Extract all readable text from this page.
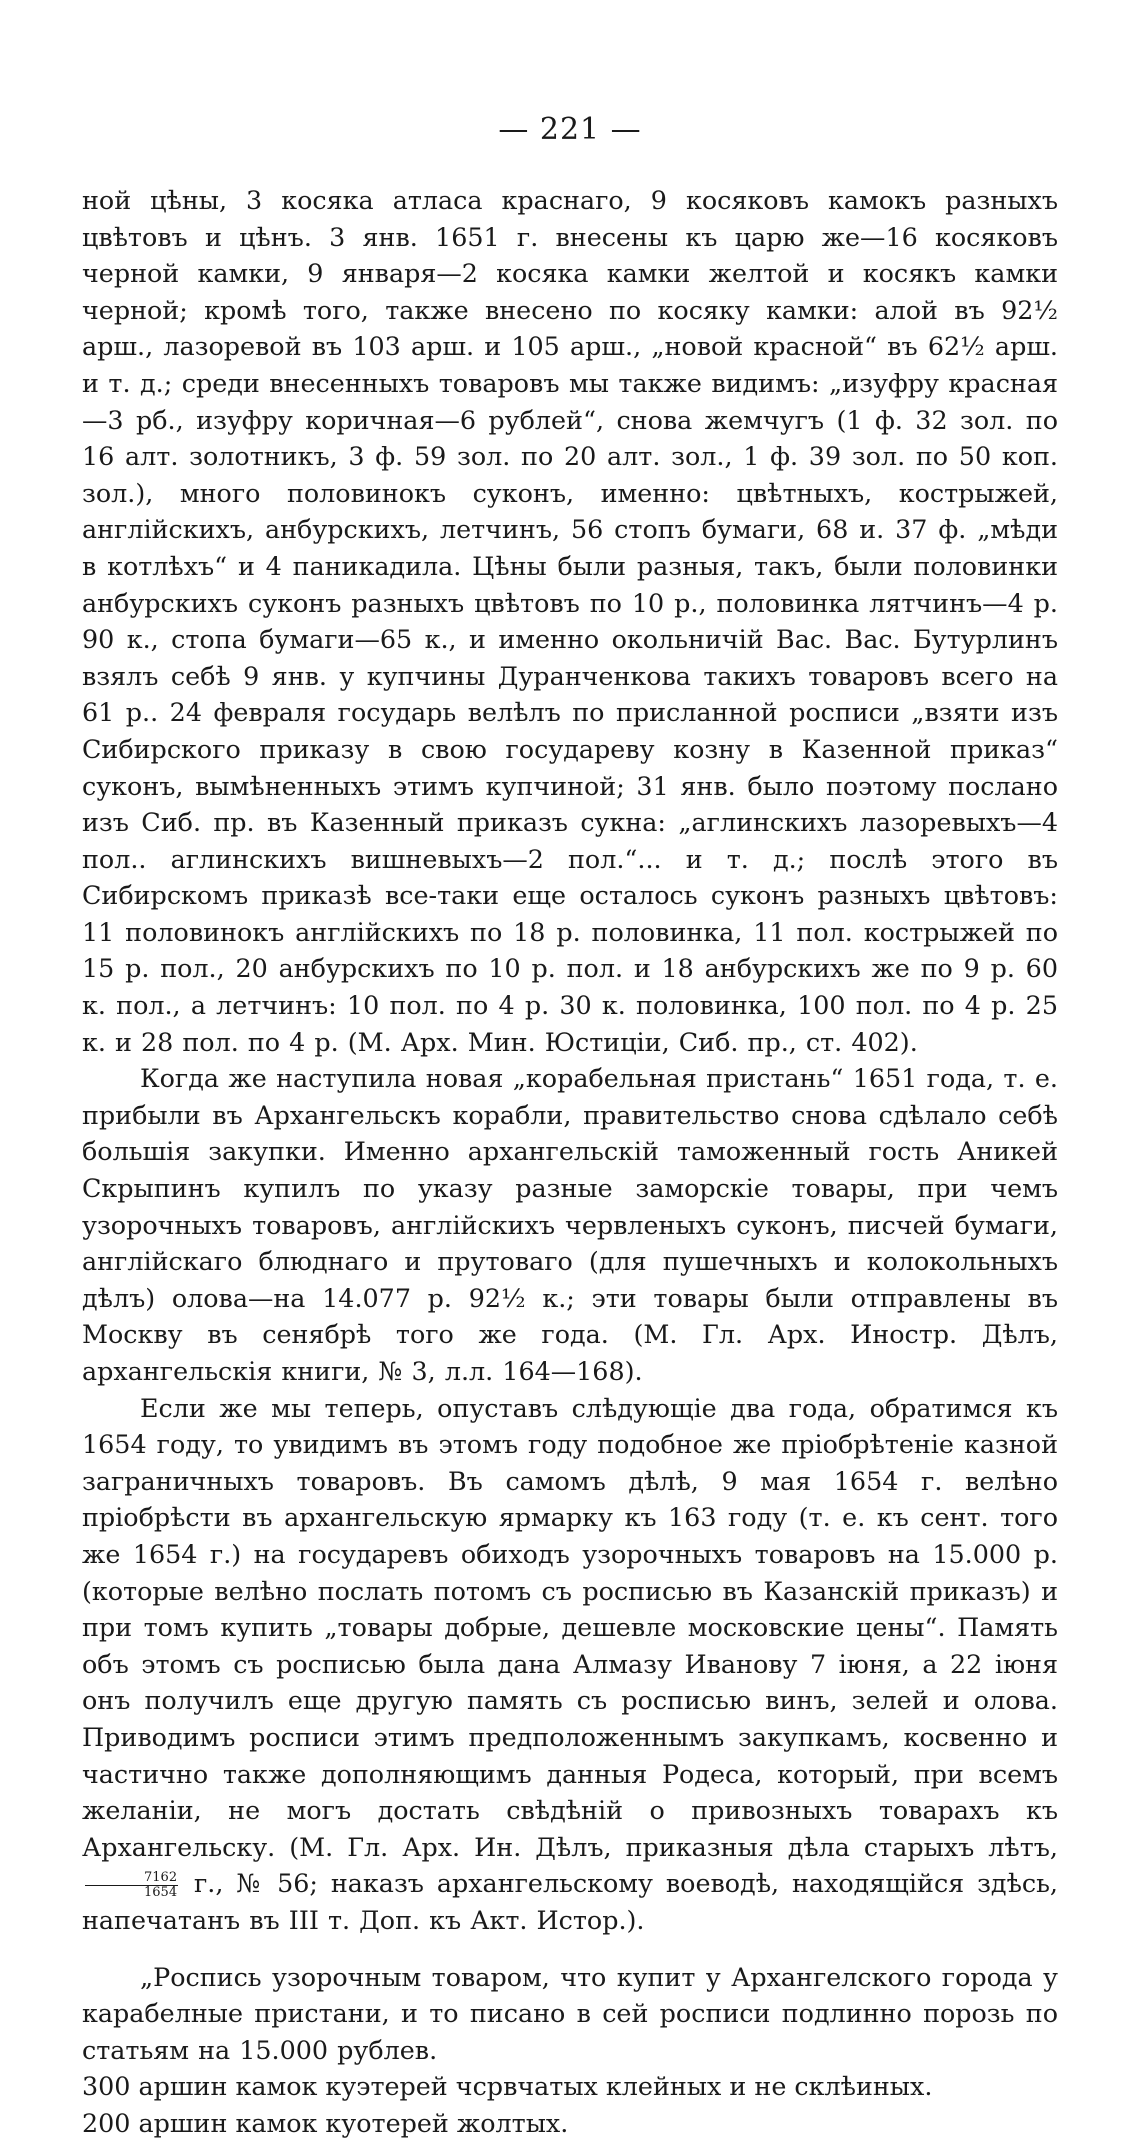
— 221 —

ной цѣны, 3 косяка атласа краснаго, 9 косяковъ камокъ разныхъ цвѣтовъ и цѣнъ. 3 янв. 1651 г. внесены къ царю же—16 косяковъ черной камки, 9 января—2 косяка камки желтой и косякъ камки черной; кромѣ того, также внесено по косяку камки: алой въ 92½ арш., лазоревой въ 103 арш. и 105 арш., „новой красной“ въ 62½ арш. и т. д.; среди внесенныхъ товаровъ мы также видимъ: „изуфру красная—3 рб., изуфру коричная—6 рублей“, снова жемчугъ (1 ф. 32 зол. по 16 алт. золотникъ, 3 ф. 59 зол. по 20 алт. зол., 1 ф. 39 зол. по 50 коп. зол.), много половинокъ суконъ, именно: цвѣтныхъ, кострыжей, англійскихъ, анбурскихъ, летчинъ, 56 стопъ бумаги, 68 и. 37 ф. „мѣди в котлѣхъ“ и 4 паникадила. Цѣны были разныя, такъ, были половинки анбурскихъ суконъ разныхъ цвѣтовъ по 10 р., половинка лятчинъ—4 р. 90 к., стопа бумаги—65 к., и именно окольничій Вас. Вас. Бутурлинъ взялъ себѣ 9 янв. у купчины Дуранченкова такихъ товаровъ всего на 61 р.. 24 февраля государь велѣлъ по присланной росписи „взяти изъ Сибирского приказу в свою государеву козну в Казенной приказ“ суконъ, вымѣненныхъ этимъ купчиной; 31 янв. было поэтому послано изъ Сиб. пр. въ Казенный приказъ сукна: „аглинскихъ лазоревыхъ—4 пол.. аглинскихъ вишневыхъ—2 пол.“... и т. д.; послѣ этого въ Сибирскомъ приказѣ все-таки еще осталось суконъ разныхъ цвѣтовъ: 11 половинокъ англійскихъ по 18 р. половинка, 11 пол. кострыжей по 15 р. пол., 20 анбурскихъ по 10 р. пол. и 18 анбурскихъ же по 9 р. 60 к. пол., а летчинъ: 10 пол. по 4 р. 30 к. половинка, 100 пол. по 4 р. 25 к. и 28 пол. по 4 р. (М. Арх. Мин. Юстиціи, Сиб. пр., ст. 402).

Когда же наступила новая „корабельная пристань“ 1651 года, т. е. прибыли въ Архангельскъ корабли, правительство снова сдѣлало себѣ большія закупки. Именно архангельскій таможенный гость Аникей Скрыпинъ купилъ по указу разные заморскіе товары, при чемъ узорочныхъ товаровъ, англійскихъ червленыхъ суконъ, писчей бумаги, англійскаго блюднаго и прутоваго (для пушечныхъ и колокольныхъ дѣлъ) олова—на 14.077 р. 92½ к.; эти товары были отправлены въ Москву въ сенябрѣ того же года. (М. Гл. Арх. Иностр. Дѣлъ, архангельскія книги, № 3, л.л. 164—168).

Если же мы теперь, опуставъ слѣдующіе два года, обратимся къ 1654 году, то увидимъ въ этомъ году подобное же пріобрѣтеніе казной заграничныхъ товаровъ. Въ самомъ дѣлѣ, 9 мая 1654 г. велѣно пріобрѣсти въ архангельскую ярмарку къ 163 году (т. е. къ сент. того же 1654 г.) на государевъ обиходъ узорочныхъ товаровъ на 15.000 р. (которые велѣно послать потомъ съ росписью въ Казанскій приказъ) и при томъ купить „товары добрые, дешевле московские цены“. Память объ этомъ съ росписью была дана Алмазу Иванову 7 іюня, а 22 іюня онъ получилъ еще другую память съ росписью винъ, зелей и олова. Приводимъ росписи этимъ предположеннымъ закупкамъ, косвенно и частично также дополняющимъ данныя Родеса, который, при всемъ желаніи, не могъ достать свѣдѣній о привозныхъ товарахъ къ Архангельску. (М. Гл. Арх. Ин. Дѣлъ, приказныя дѣла старыхъ лѣтъ,
$\frac{7162}{1654} г$., № 56; наказъ архангельскому воеводѣ, находящійся здѣсь, напечатанъ въ III т. Доп. къ Акт. Истор.).

„Роспись узорочным товаром, что купит у Архангелского города у карабелные пристани, и то писано в сей росписи подлинно порозь по статьям на 15.000 рублев.

300 аршин камок куэтерей чсрвчатых клейных и не склѣиных.

200 аршин камок куотерей жолтых.
